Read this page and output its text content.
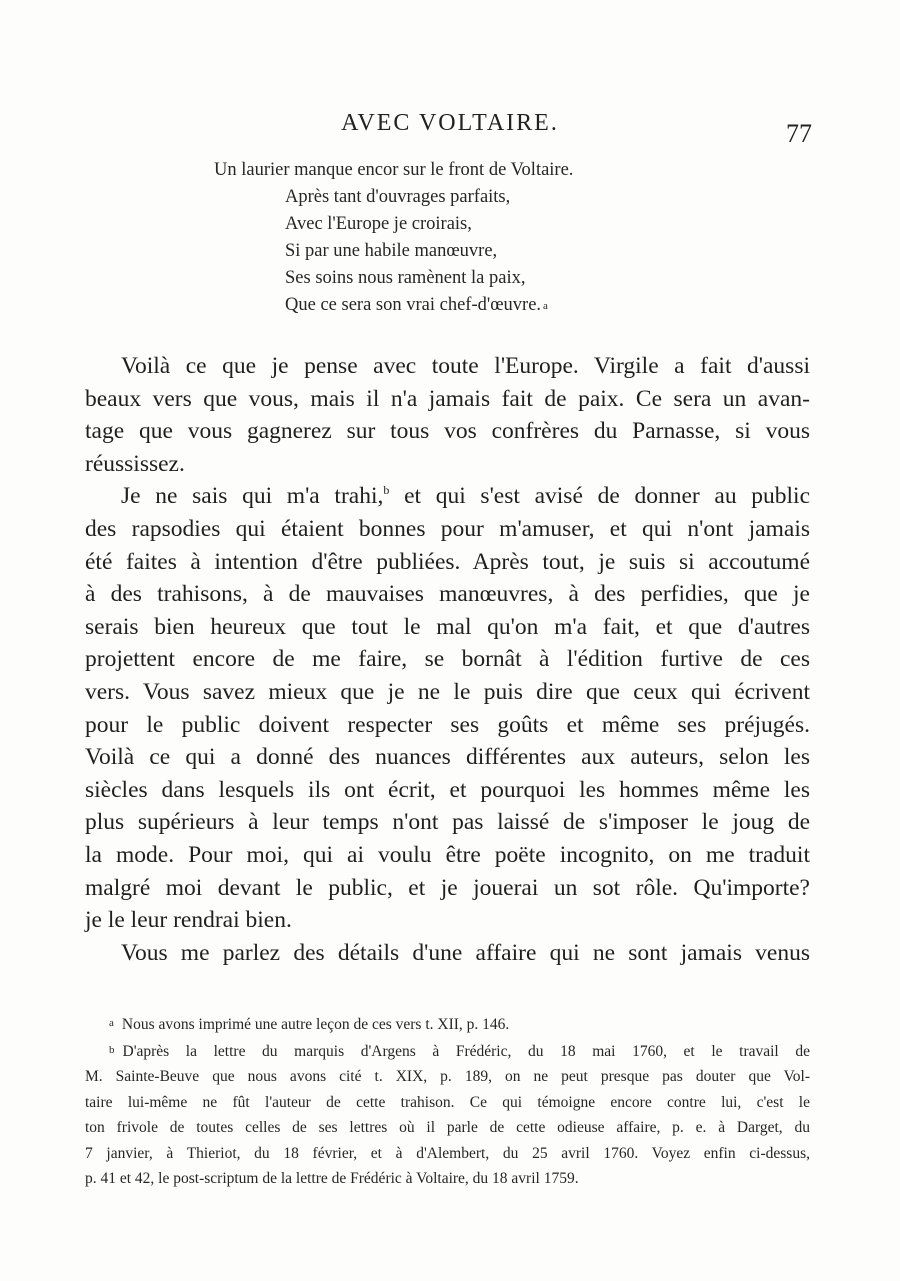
AVEC VOLTAIRE.	77
Un laurier manque encor sur le front de Voltaire.
Après tant d'ouvrages parfaits,
Avec l'Europe je croirais,
Si par une habile manœuvre,
Ses soins nous ramènent la paix,
Que ce sera son vrai chef-d'œuvre. a

Voilà ce que je pense avec toute l'Europe. Virgile a fait d'aussi
beaux vers que vous, mais il n'a jamais fait de paix. Ce sera un avan-
tage que vous gagnerez sur tous vos confrères du Parnasse, si vous
réussissez.

Je ne sais qui m'a trahi,$^b$ et qui s'est avisé de donner au public
des rapsodies qui étaient bonnes pour m'amuser, et qui n'ont jamais
été faites à intention d'être publiées. Après tout, je suis si accoutumé
à des trahisons, à de mauvaises manœuvres, à des perfidies, que je
serais bien heureux que tout le mal qu'on m'a fait, et que d'autres
projettent encore de me faire, se bornât à l'édition furtive de ces
vers. Vous savez mieux que je ne le puis dire que ceux qui écrivent
pour le public doivent respecter ses goûts et même ses préjugés.
Voilà ce qui a donné des nuances différentes aux auteurs, selon les
siècles dans lesquels ils ont écrit, et pourquoi les hommes même les
plus supérieurs à leur temps n'ont pas laissé de s'imposer le joug de
la mode. Pour moi, qui ai voulu être poëte incognito, on me traduit
malgré moi devant le public, et je jouerai un sot rôle. Qu'importe?
je le leur rendrai bien.

Vous me parlez des détails d'une affaire qui ne sont jamais venus

a Nous avons imprimé une autre leçon de ces vers t. XII, p. 146.

b D'après la lettre du marquis d'Argens à Frédéric, du 18 mai 1760, et le travail de
M. Sainte-Beuve que nous avons cité t. XIX, p. 189, on ne peut presque pas douter que Vol-
taire lui-même ne fût l'auteur de cette trahison. Ce qui témoigne encore contre lui, c'est le
ton frivole de toutes celles de ses lettres où il parle de cette odieuse affaire, p. e. à Darget, du
7 janvier, à Thieriot, du 18 février, et à d'Alembert, du 25 avril 1760. Voyez enfin ci-dessus,
p. 41 et 42, le post-scriptum de la lettre de Frédéric à Voltaire, du 18 avril 1759.
